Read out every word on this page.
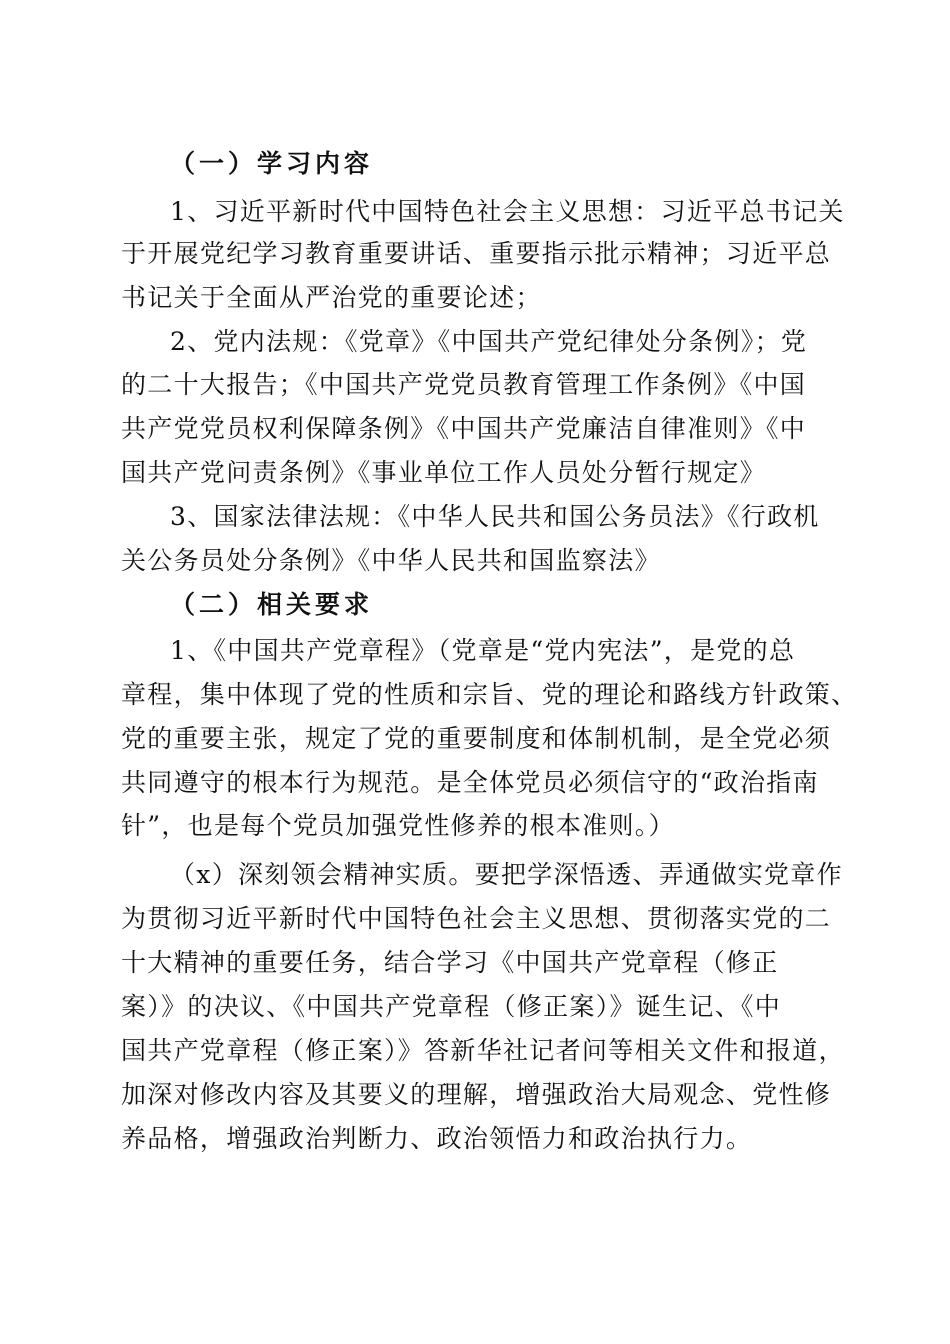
（一）学习内容
1、习近平新时代中国特色社会主义思想：习近平总书记关
于开展党纪学习教育重要讲话、重要指示批示精神；习近平总
书记关于全面从严治党的重要论述；
2、党内法规：《党章》《中国共产党纪律处分条例》；党
的二十大报告；《中国共产党党员教育管理工作条例》《中国
共产党党员权利保障条例》《中国共产党廉洁自律准则》《中
国共产党问责条例》《事业单位工作人员处分暂行规定》
3、国家法律法规：《中华人民共和国公务员法》《行政机
关公务员处分条例》《中华人民共和国监察法》
（二）相关要求
1、《中国共产党章程》（党章是“党内宪法”，是党的总
章程，集中体现了党的性质和宗旨、党的理论和路线方针政策、
党的重要主张，规定了党的重要制度和体制机制，是全党必须
共同遵守的根本行为规范。是全体党员必须信守的“政治指南
针”，也是每个党员加强党性修养的根本准则。）
（x）深刻领会精神实质。要把学深悟透、弄通做实党章作
为贯彻习近平新时代中国特色社会主义思想、贯彻落实党的二
十大精神的重要任务，结合学习《中国共产党章程（修正
案）》的决议、《中国共产党章程（修正案）》诞生记、《中
国共产党章程（修正案）》答新华社记者问等相关文件和报道，
加深对修改内容及其要义的理解，增强政治大局观念、党性修
养品格，增强政治判断力、政治领悟力和政治执行力。
